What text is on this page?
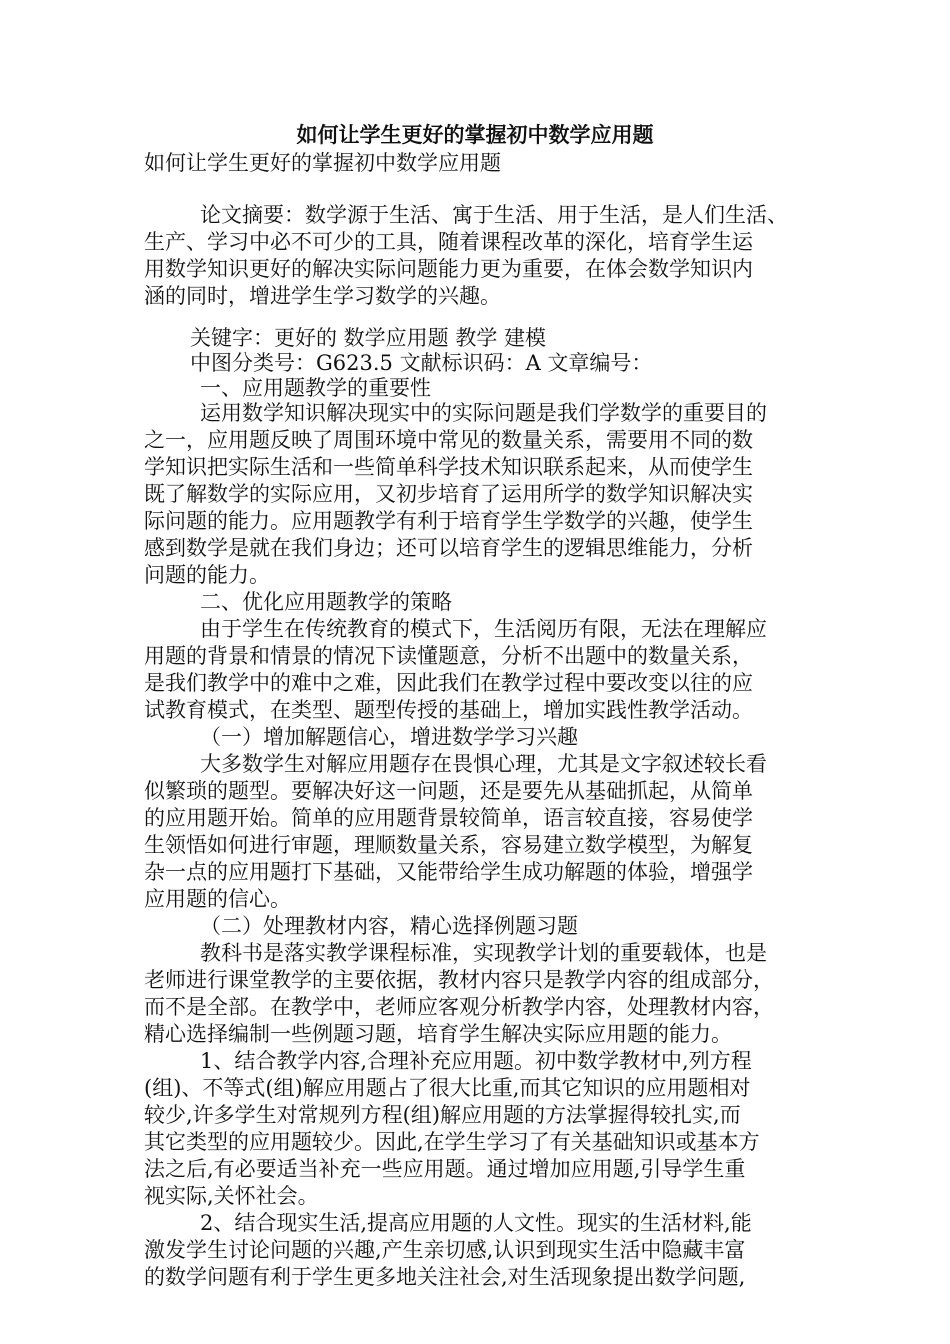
如何让学生更好的掌握初中数学应用题
如何让学生更好的掌握初中数学应用题
论文摘要：数学源于生活、寓于生活、用于生活，是人们生活、
生产、学习中必不可少的工具，随着课程改革的深化，培育学生运
用数学知识更好的解决实际问题能力更为重要，在体会数学知识内
涵的同时，增进学生学习数学的兴趣。
关键字：更好的 数学应用题 教学 建模
中图分类号：G623.5 文献标识码：A 文章编号：
一、应用题教学的重要性
运用数学知识解决现实中的实际问题是我们学数学的重要目的
之一，应用题反映了周围环境中常见的数量关系，需要用不同的数
学知识把实际生活和一些简单科学技术知识联系起来，从而使学生
既了解数学的实际应用，又初步培育了运用所学的数学知识解决实
际问题的能力。应用题教学有利于培育学生学数学的兴趣，使学生
感到数学是就在我们身边；还可以培育学生的逻辑思维能力，分析
问题的能力。
二、优化应用题教学的策略
由于学生在传统教育的模式下，生活阅历有限，无法在理解应
用题的背景和情景的情况下读懂题意，分析不出题中的数量关系，
是我们教学中的难中之难，因此我们在教学过程中要改变以往的应
试教育模式，在类型、题型传授的基础上，增加实践性教学活动。
（一）增加解题信心，增进数学学习兴趣
大多数学生对解应用题存在畏惧心理，尤其是文字叙述较长看
似繁琐的题型。要解决好这一问题，还是要先从基础抓起，从简单
的应用题开始。简单的应用题背景较简单，语言较直接，容易使学
生领悟如何进行审题，理顺数量关系，容易建立数学模型，为解复
杂一点的应用题打下基础，又能带给学生成功解题的体验，增强学
应用题的信心。
（二）处理教材内容，精心选择例题习题
教科书是落实教学课程标准，实现教学计划的重要载体，也是
老师进行课堂教学的主要依据，教材内容只是教学内容的组成部分，
而不是全部。在教学中，老师应客观分析教学内容，处理教材内容，
精心选择编制一些例题习题，培育学生解决实际应用题的能力。
1、结合教学内容,合理补充应用题。初中数学教材中,列方程
(组)、不等式(组)解应用题占了很大比重,而其它知识的应用题相对
较少,许多学生对常规列方程(组)解应用题的方法掌握得较扎实,而
其它类型的应用题较少。因此,在学生学习了有关基础知识或基本方
法之后,有必要适当补充一些应用题。通过增加应用题,引导学生重
视实际,关怀社会。
2、结合现实生活,提高应用题的人文性。现实的生活材料,能
激发学生讨论问题的兴趣,产生亲切感,认识到现实生活中隐藏丰富
的数学问题有利于学生更多地关注社会,对生活现象提出数学问题,
